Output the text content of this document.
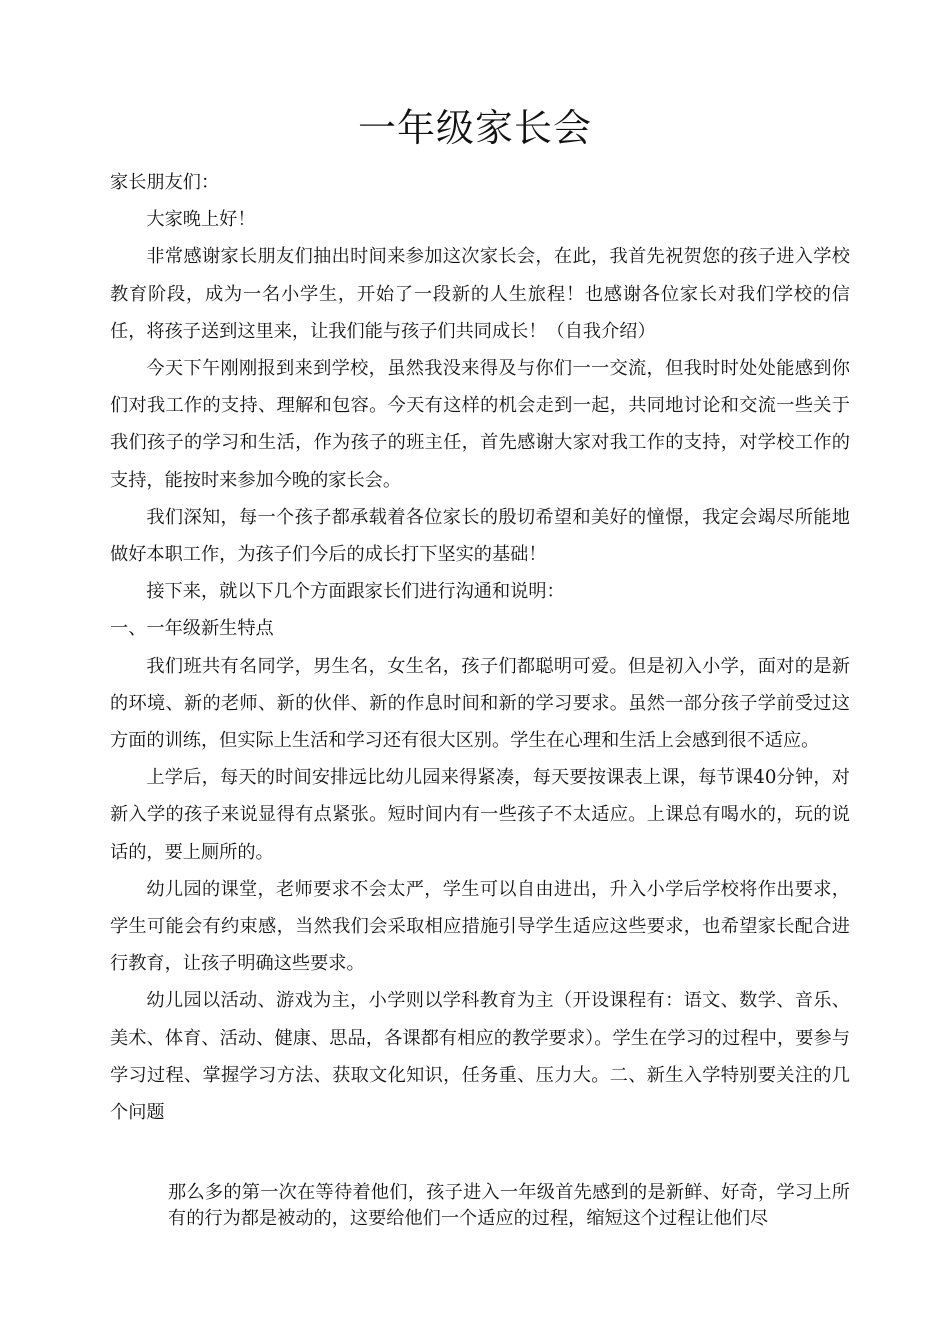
一年级家长会

家长朋友们：

大家晚上好！

非常感谢家长朋友们抽出时间来参加这次家长会，在此，我首先祝贺您的孩子进入学校教育阶段，成为一名小学生，开始了一段新的人生旅程！也感谢各位家长对我们学校的信任，将孩子送到这里来，让我们能与孩子们共同成长！（自我介绍）

今天下午刚刚报到来到学校，虽然我没来得及与你们一一交流，但我时时处处能感到你们对我工作的支持、理解和包容。今天有这样的机会走到一起，共同地讨论和交流一些关于我们孩子的学习和生活，作为孩子的班主任，首先感谢大家对我工作的支持，对学校工作的支持，能按时来参加今晚的家长会。

我们深知，每一个孩子都承载着各位家长的殷切希望和美好的憧憬，我定会竭尽所能地做好本职工作，为孩子们今后的成长打下坚实的基础！

接下来，就以下几个方面跟家长们进行沟通和说明：

一、一年级新生特点

我们班共有名同学，男生名，女生名，孩子们都聪明可爱。但是初入小学，面对的是新的环境、新的老师、新的伙伴、新的作息时间和新的学习要求。虽然一部分孩子学前受过这方面的训练，但实际上生活和学习还有很大区别。学生在心理和生活上会感到很不适应。

上学后，每天的时间安排远比幼儿园来得紧凑，每天要按课表上课，每节课40分钟，对新入学的孩子来说显得有点紧张。短时间内有一些孩子不太适应。上课总有喝水的，玩的说话的，要上厕所的。

幼儿园的课堂，老师要求不会太严，学生可以自由进出，升入小学后学校将作出要求，学生可能会有约束感，当然我们会采取相应措施引导学生适应这些要求，也希望家长配合进行教育，让孩子明确这些要求。

幼儿园以活动、游戏为主，小学则以学科教育为主（开设课程有：语文、数学、音乐、美术、体育、活动、健康、思品，各课都有相应的教学要求）。学生在学习的过程中，要参与学习过程、掌握学习方法、获取文化知识，任务重、压力大。二、新生入学特别要关注的几个问题

那么多的第一次在等待着他们，孩子进入一年级首先感到的是新鲜、好奇，学习上所有的行为都是被动的，这要给他们一个适应的过程，缩短这个过程让他们尽
